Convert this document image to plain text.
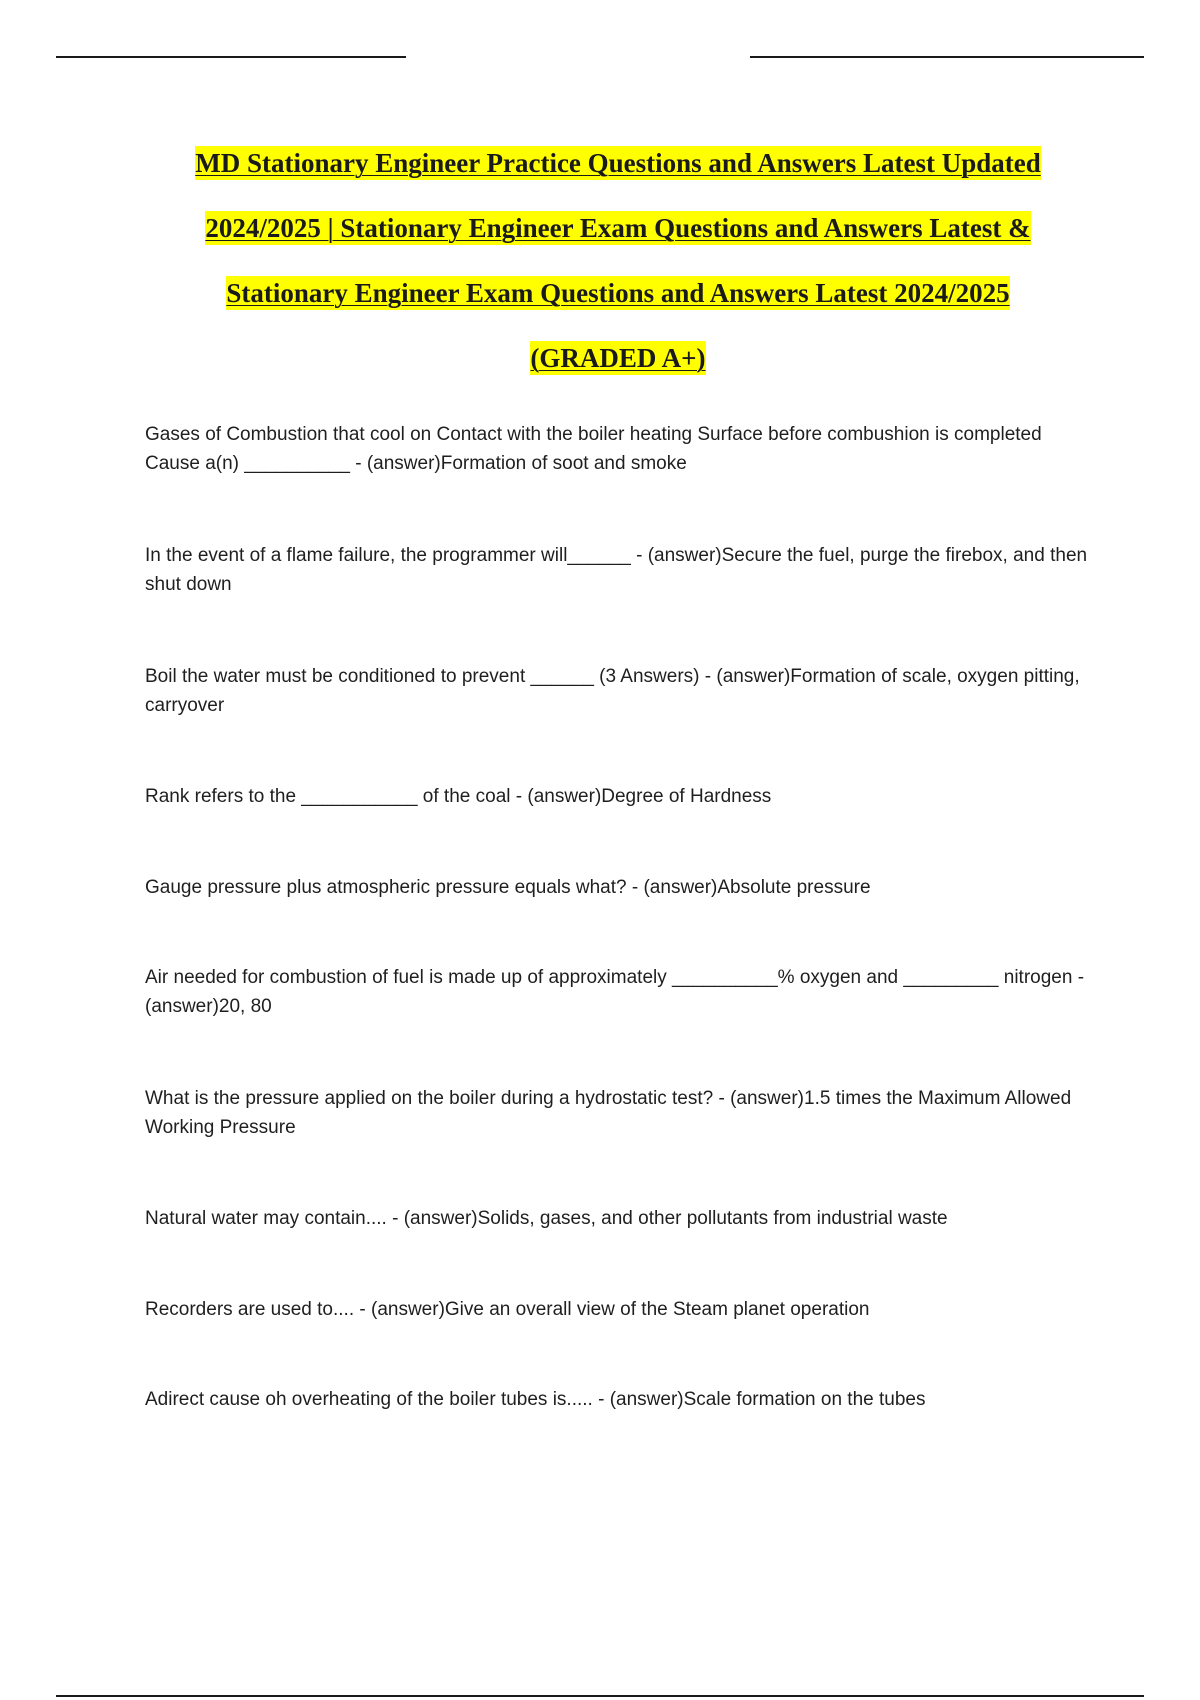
MD Stationary Engineer Practice Questions and Answers Latest Updated
2024/2025 | Stationary Engineer Exam Questions and Answers Latest &
Stationary Engineer Exam Questions and Answers Latest 2024/2025
(GRADED A+)
Gases of Combustion that cool on Contact with the boiler heating Surface before combushion is completed Cause a(n) __________ - (answer)Formation of soot and smoke
In the event of a flame failure, the programmer will______ - (answer)Secure the fuel, purge the firebox, and then shut down
Boil the water must be conditioned to prevent ______ (3 Answers) - (answer)Formation of scale, oxygen pitting, carryover
Rank refers to the ___________ of the coal - (answer)Degree of Hardness
Gauge pressure plus atmospheric pressure equals what? - (answer)Absolute pressure
Air needed for combustion of fuel is made up of approximately __________% oxygen and _________ nitrogen - (answer)20, 80
What is the pressure applied on the boiler during a hydrostatic test? - (answer)1.5 times the Maximum Allowed Working Pressure
Natural water may contain.... - (answer)Solids, gases, and other pollutants from industrial waste
Recorders are used to.... - (answer)Give an overall view of the Steam planet operation
Adirect cause oh overheating of the boiler tubes is..... - (answer)Scale formation on the tubes
